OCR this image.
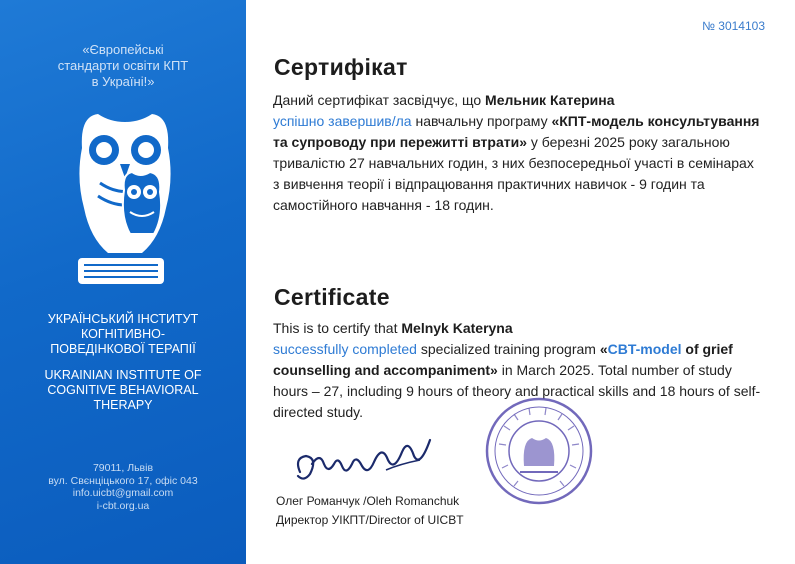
«Європейські
стандарти освіти КПТ
в Україні!»
УКРАЇНСЬКИЙ ІНСТИТУТ
КОГНІТИВНО-
ПОВЕДІНКОВОЇ ТЕРАПІЇ
UKRAINIAN INSTITUTE OF
COGNITIVE BEHAVIORAL
THERAPY
79011, Львів
вул. Свєнціцького 17, офіс 043
info.uicbt@gmail.com
i-cbt.org.ua
№ 3014103
Сертифікат
Даний сертифікат засвідчує, що Мельник Катерина
успішно завершив/ла навчальну програму «КПТ-модель консультування та супроводу при пережитті втрати» у березні 2025 року загальною тривалістю 27 навчальних годин, з них безпосередньої участі в семінарах з вивчення теорії і відпрацювання практичних навичок - 9 годин та самостійного навчання - 18 годин.
Certificate
This is to certify that Melnyk Kateryna
successfully completed specialized training program «CBT-model of grief counselling and accompaniment» in March 2025. Total number of study hours – 27, including 9 hours of theory and practical skills and 18 hours of self- directed study.
Олег Романчук /Oleh Romanchuk
Директор УІКПТ/Director of UICBT
